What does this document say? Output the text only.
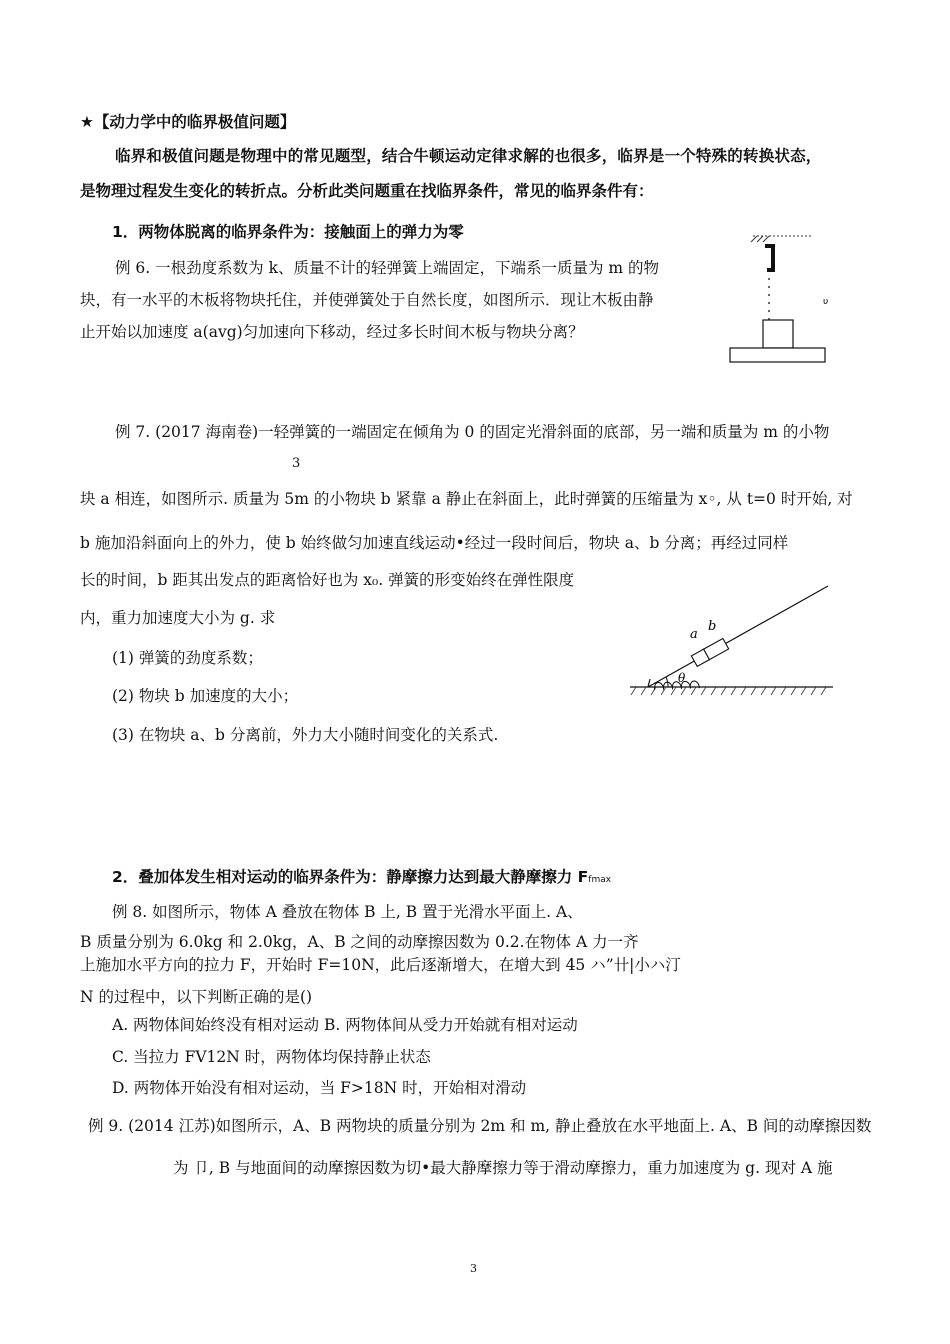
★【动力学中的临界极值问题】
临界和极值问题是物理中的常见题型，结合牛顿运动定律求解的也很多，临界是一个特殊的转换状态，
是物理过程发生变化的转折点。分析此类问题重在找临界条件，常见的临界条件有：
1．两物体脱离的临界条件为：接触面上的弹力为零
例 6. 一根劲度系数为 k、质量不计的轻弹簧上端固定，下端系一质量为 m 的物
块，有一水平的木板将物块托住，并使弹簧处于自然长度，如图所示．现让木板由静
止开始以加速度 a(avg)匀加速向下移动，经过多长时间木板与物块分离？
υ
例 7. (2017 海南卷)一轻弹簧的一端固定在倾角为 0 的固定光滑斜面的底部，另一端和质量为 m 的小物
3
块 a 相连，如图所示. 质量为 5m 的小物块 b 紧靠 a 静止在斜面上，此时弹簧的压缩量为 x◦, 从 t=0 时开始, 对
b 施加沿斜面向上的外力，使 b 始终做匀加速直线运动•经过一段时间后，物块 a、b 分离；再经过同样
长的时间，b 距其出发点的距离恰好也为 x₀. 弹簧的形变始终在弹性限度
内，重力加速度大小为 g. 求
(1) 弹簧的劲度系数；
(2) 物块 b 加速度的大小；
(3) 在物块 a、b 分离前，外力大小随时间变化的关系式.
a
b
θ
2．叠加体发生相对运动的临界条件为：静摩擦力达到最大静摩擦力 Ffmax
例 8. 如图所示，物体 A 叠放在物体 B 上, B 置于光滑水平面上. A、
B 质量分别为 6.0kg 和 2.0kg，A、B 之间的动摩擦因数为 0.2.在物体 A 力一齐
上施加水平方向的拉力 F，开始时 F=10N，此后逐渐增大，在增大到 45 ハ”卄|小ハ汀
N 的过程中，以下判断正确的是()
A. 两物体间始终没有相对运动 B. 两物体间从受力开始就有相对运动
C. 当拉力 FV12N 时，两物体均保持静止状态
D. 两物体开始没有相对运动，当 F>18N 时，开始相对滑动
例 9. (2014 江苏)如图所示，A、B 两物块的质量分别为 2m 和 m, 静止叠放在水平地面上. A、B 间的动摩擦因数
为 卩, B 与地面间的动摩擦因数为切•最大静摩擦力等于滑动摩擦力，重力加速度为 g. 现对 A 施
3
